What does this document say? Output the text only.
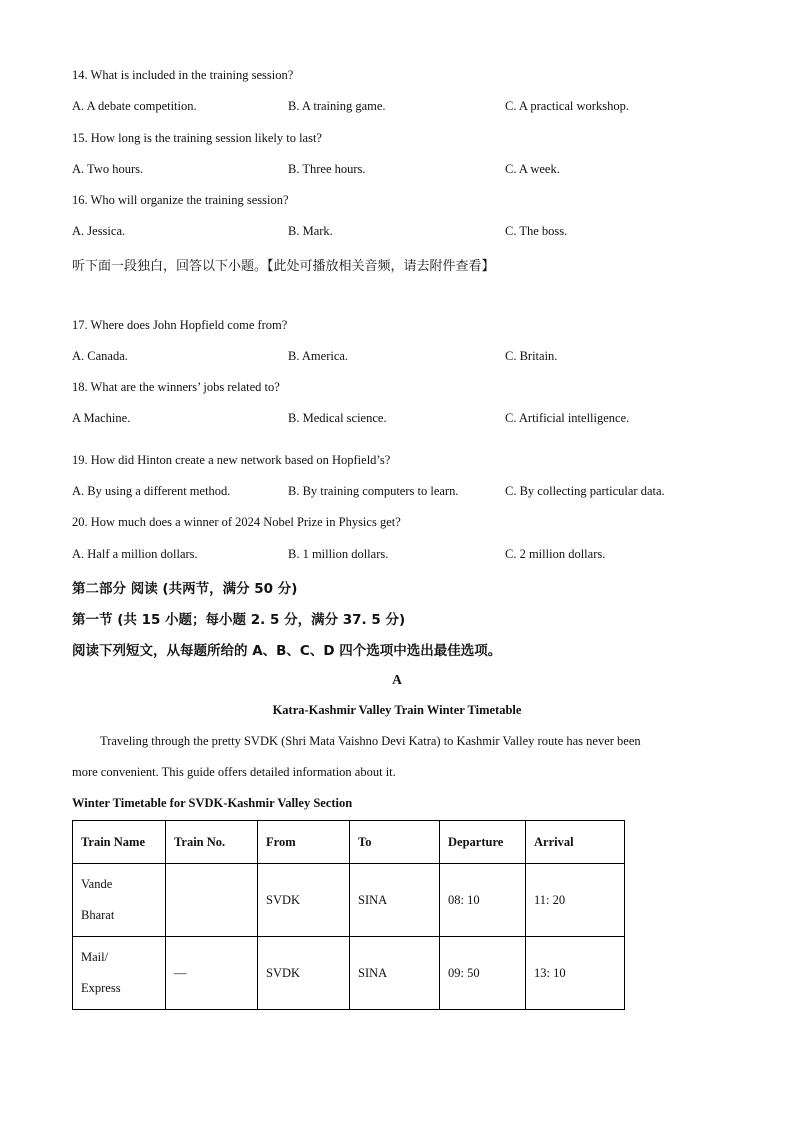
14. What is included in the training session?
A. A debate competition.	B. A training game.	C. A practical workshop.
15. How long is the training session likely to last?
A. Two hours.	B. Three hours.	C. A week.
16. Who will organize the training session?
A. Jessica.	B. Mark.	C. The boss.
听下面一段独白，回答以下小题。【此处可播放相关音频，请去附件查看】
17. Where does John Hopfield come from?
A. Canada.	B. America.	C. Britain.
18. What are the winners’ jobs related to?
A Machine.	B. Medical science.	C. Artificial intelligence.
19. How did Hinton create a new network based on Hopfield’s?
A. By using a different method.	B. By training computers to learn.	C. By collecting particular data.
20. How much does a winner of 2024 Nobel Prize in Physics get?
A. Half a million dollars.	B. 1 million dollars.	C. 2 million dollars.
第二部分 阅读 (共两节，满分 50 分)
第一节 (共 15 小题；每小题 2. 5 分，满分 37. 5 分)
阅读下列短文，从每题所给的 A、B、C、D 四个选项中选出最佳选项。
A
Katra-Kashmir Valley Train Winter Timetable
Traveling through the pretty SVDK (Shri Mata Vaishno Devi Katra) to Kashmir Valley route has never been
more convenient. This guide offers detailed information about it.
Winter Timetable for SVDK-Kashmir Valley Section
Train Name	Train No.	From	To	Departure	Arrival

Vande
Bharat		SVDK	SINA	08: 10	11: 20

Mail/
Express	—	SVDK	SINA	09: 50	13: 10
